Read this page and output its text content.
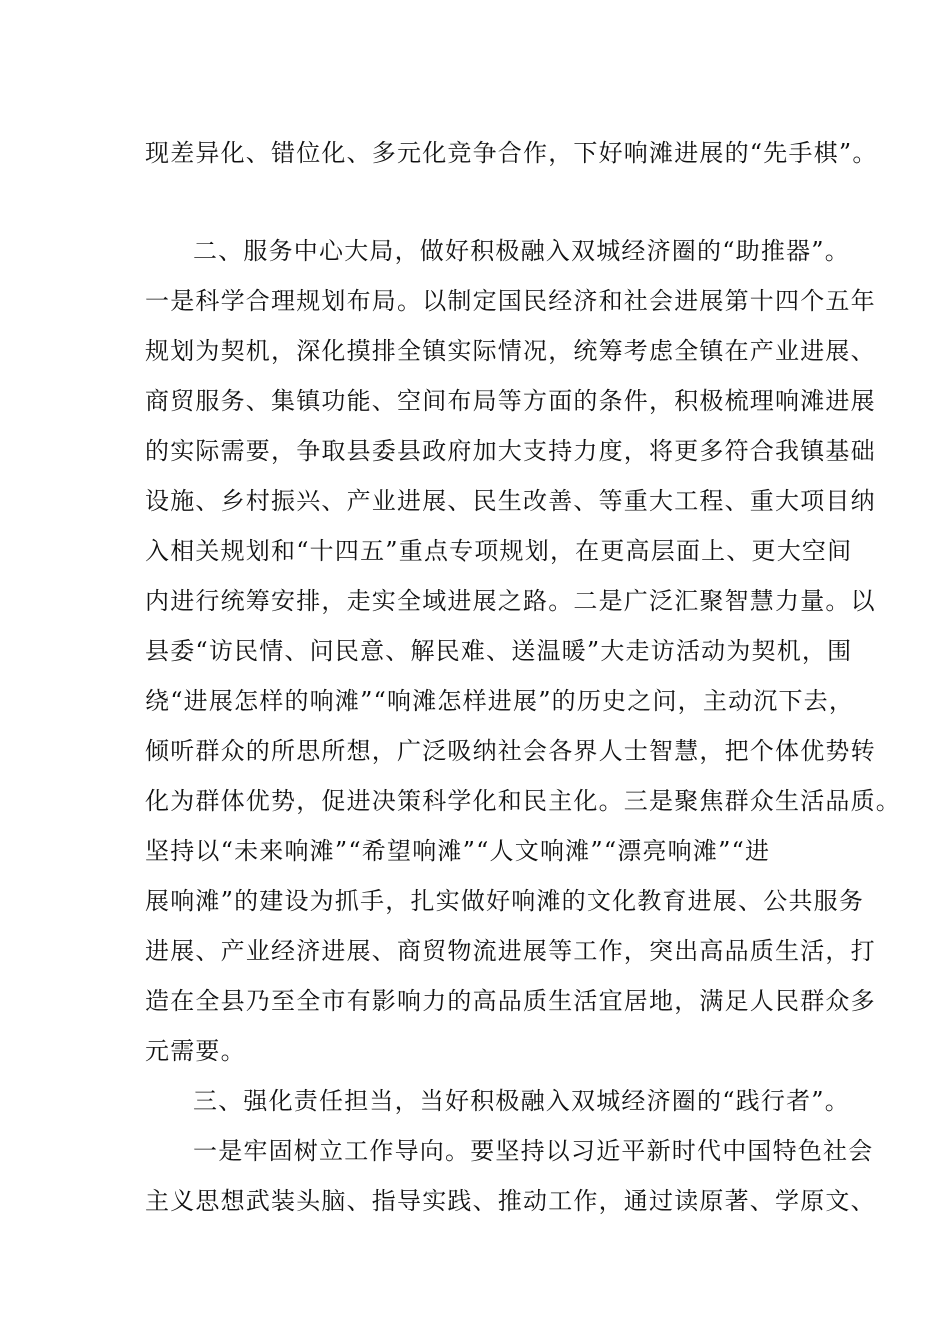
现差异化、错位化、多元化竞争合作，下好响滩进展的“先手棋”。
二、服务中心大局，做好积极融入双城经济圈的“助推器”。
一是科学合理规划布局。以制定国民经济和社会进展第十四个五年
规划为契机，深化摸排全镇实际情况，统筹考虑全镇在产业进展、
商贸服务、集镇功能、空间布局等方面的条件，积极梳理响滩进展
的实际需要，争取县委县政府加大支持力度，将更多符合我镇基础
设施、乡村振兴、产业进展、民生改善、等重大工程、重大项目纳
入相关规划和“十四五”重点专项规划，在更高层面上、更大空间
内进行统筹安排，走实全域进展之路。二是广泛汇聚智慧力量。以
县委“访民情、问民意、解民难、送温暖”大走访活动为契机，围
绕“进展怎样的响滩”“响滩怎样进展”的历史之问，主动沉下去，
倾听群众的所思所想，广泛吸纳社会各界人士智慧，把个体优势转
化为群体优势，促进决策科学化和民主化。三是聚焦群众生活品质。
坚持以“未来响滩”“希望响滩”“人文响滩”“漂亮响滩”“进
展响滩”的建设为抓手，扎实做好响滩的文化教育进展、公共服务
进展、产业经济进展、商贸物流进展等工作，突出高品质生活，打
造在全县乃至全市有影响力的高品质生活宜居地，满足人民群众多
元需要。
三、强化责任担当，当好积极融入双城经济圈的“践行者”。
一是牢固树立工作导向。要坚持以习近平新时代中国特色社会
主义思想武装头脑、指导实践、推动工作，通过读原著、学原文、
